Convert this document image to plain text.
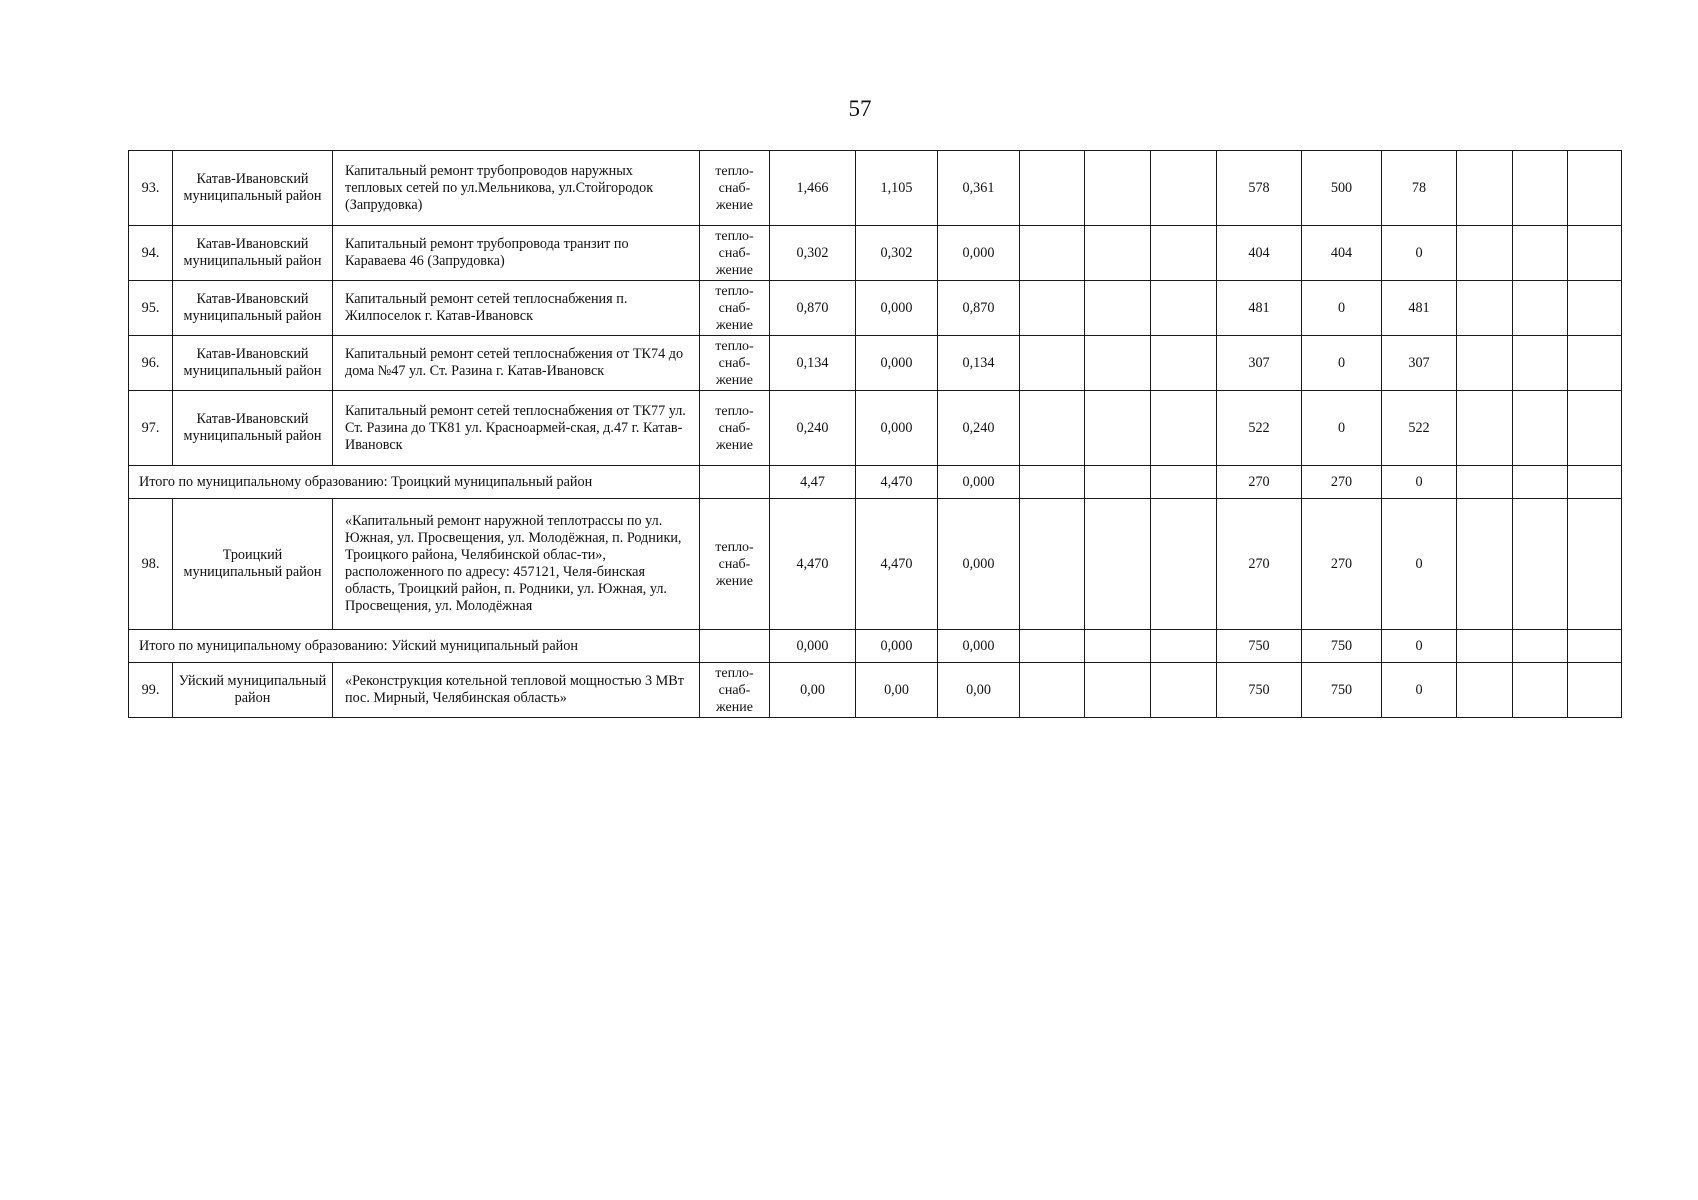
57
93.	Катав-Ивановский муниципальный район	Капитальный ремонт трубопроводов наружных тепловых сетей по ул.Мельникова, ул.Стойгородок (Запрудовка)	тепло-снаб-жение	1,466	1,105	0,361				578	500	78			
94.	Катав-Ивановский муниципальный район	Капитальный ремонт трубопровода транзит по Каравaева 46 (Запрудовка)	тепло-снаб-жение	0,302	0,302	0,000				404	404	0			
95.	Катав-Ивановский муниципальный район	Капитальный ремонт сетей теплоснабжения п. Жилпоселок г. Катав-Ивановск	тепло-снаб-жение	0,870	0,000	0,870				481	0	481			
96.	Катав-Ивановский муниципальный район	Капитальный ремонт сетей теплоснабжения от ТК74 до дома №47 ул. Ст. Разина г. Катав-Ивановск	тепло-снаб-жение	0,134	0,000	0,134				307	0	307			
97.	Катав-Ивановский муниципальный район	Капитальный ремонт сетей теплоснабжения от ТК77 ул. Ст. Разина до ТК81 ул. Красноармей-ская, д.47 г. Катав-Ивановск	тепло-снаб-жение	0,240	0,000	0,240				522	0	522			
Итого по муниципальному образованию: Троицкий муниципальный район				4,47	4,470	0,000				270	270	0			
98.	Троицкий муниципальный район	«Капитальный ремонт наружной теплотрассы по ул. Южная, ул. Просвещения, ул. Молодёжная, п. Родники, Троицкого района, Челябинской облас-ти», расположенного по адресу: 457121, Челя-бинская область, Троицкий район, п. Родники, ул. Южная, ул. Просвещения, ул. Молодёжная	тепло-снаб-жение	4,470	4,470	0,000				270	270	0			
Итого по муниципальному образованию: Уйский муниципальный район				0,000	0,000	0,000				750	750	0			
99.	Уйский муниципальный район	«Реконструкция котельной тепловой мощностью 3 МВт пос. Мирный, Челябинская область»	тепло-снаб-жение	0,00	0,00	0,00				750	750	0			
